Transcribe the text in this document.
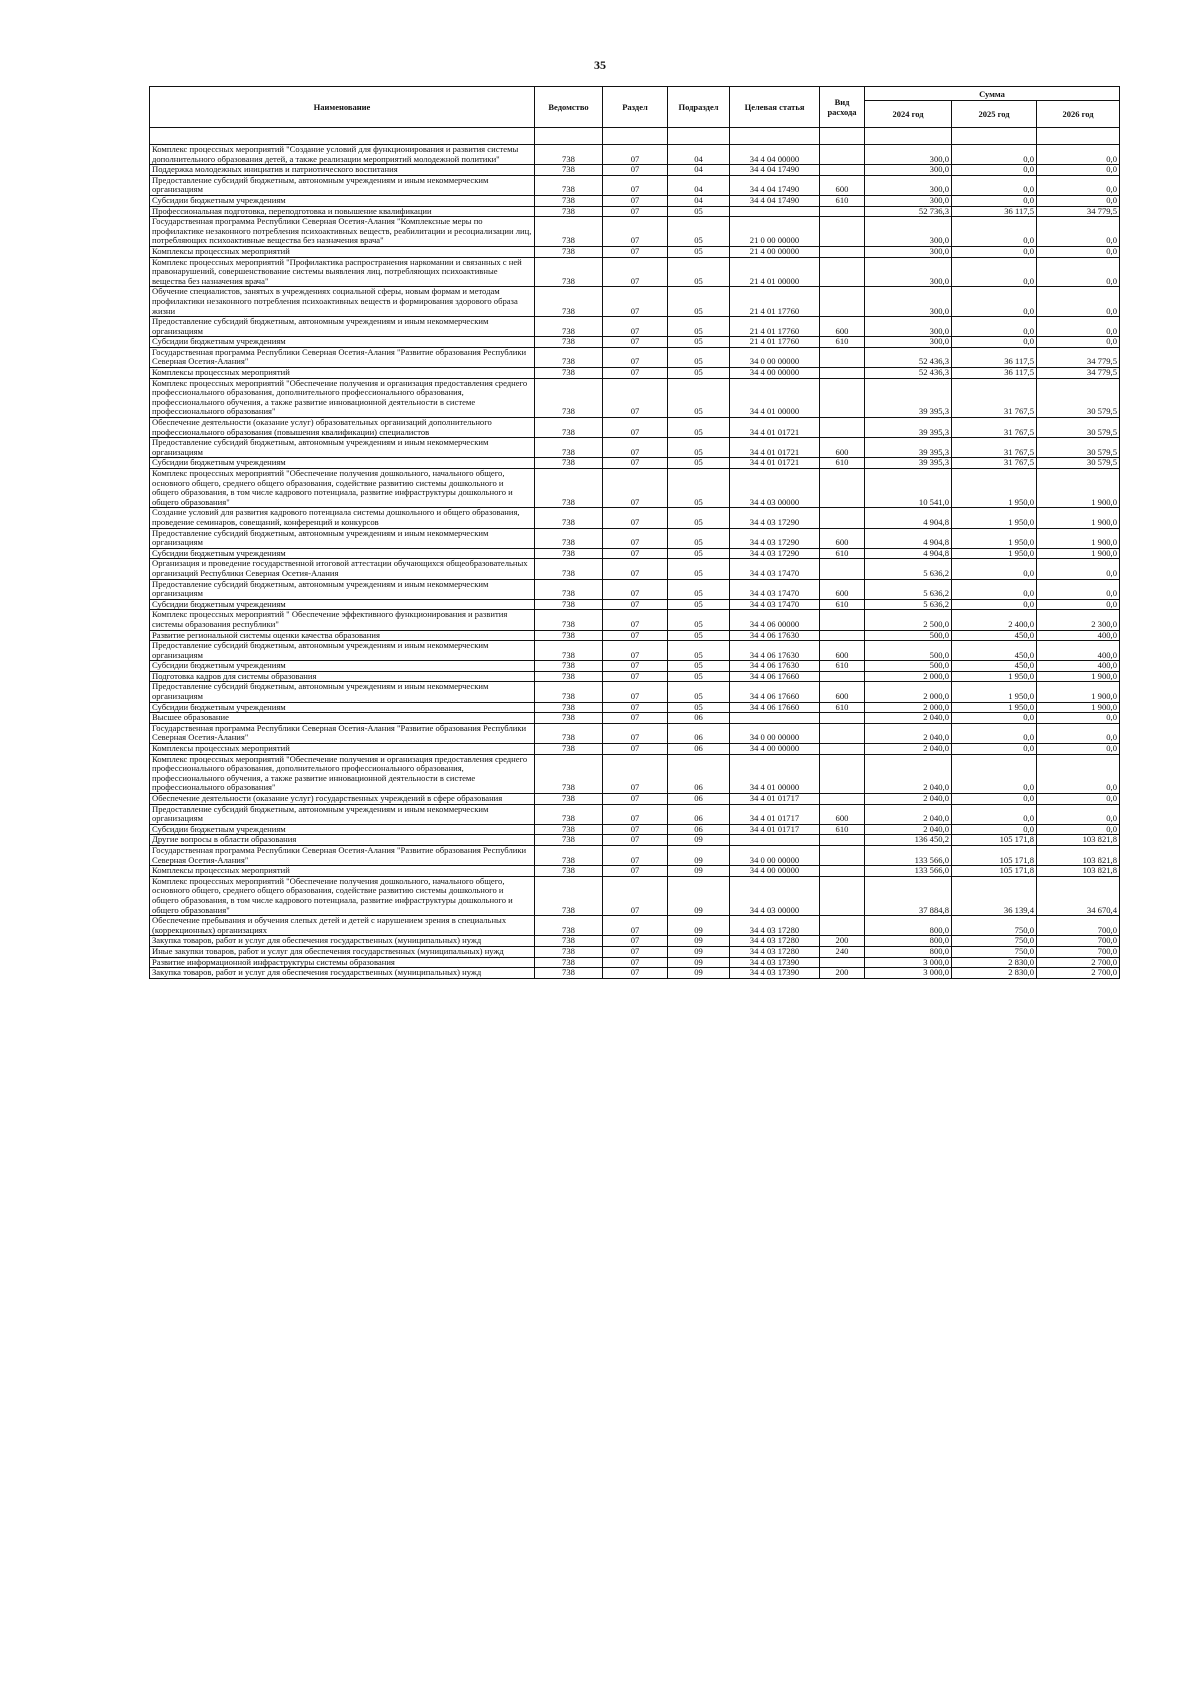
35
Наименование	Ведомство	Раздел	Подраздел	Целевая статья	Вид расхода	Сумма		
						2024 год	2025 год	2026 год

Комплекс процессных мероприятий "Создание условий для функционирования и развития системы дополнительного образования детей, а также реализации мероприятий молодежной политики"	738	07	04	34 4 04 00000		300,0	0,0	0,0
Поддержка молодежных инициатив и патриотического воспитания	738	07	04	34 4 04 17490		300,0	0,0	0,0
Предоставление субсидий бюджетным, автономным учреждениям и иным некоммерческим организациям	738	07	04	34 4 04 17490	600	300,0	0,0	0,0
Субсидии бюджетным учреждениям	738	07	04	34 4 04 17490	610	300,0	0,0	0,0
Профессиональная подготовка, переподготовка и повышение квалификации	738	07	05			52 736,3	36 117,5	34 779,5
Государственная программа Республики Северная Осетия-Алания "Комплексные меры по профилактике незаконного потребления психоактивных веществ, реабилитации и ресоциализации лиц, потребляющих психоактивные вещества без назначения врача"	738	07	05	21 0 00 00000		300,0	0,0	0,0
Комплексы процессных мероприятий	738	07	05	21 4 00 00000		300,0	0,0	0,0
Комплекс процессных мероприятий "Профилактика распространения наркомании и связанных с ней правонарушений, совершенствование системы выявления лиц, потребляющих психоактивные вещества без назначения врача"	738	07	05	21 4 01 00000		300,0	0,0	0,0
Обучение специалистов, занятых в учреждениях социальной сферы, новым формам и методам профилактики незаконного потребления психоактивных веществ и формирования здорового образа жизни	738	07	05	21 4 01 17760		300,0	0,0	0,0
Предоставление субсидий бюджетным, автономным учреждениям и иным некоммерческим организациям	738	07	05	21 4 01 17760	600	300,0	0,0	0,0
Субсидии бюджетным учреждениям	738	07	05	21 4 01 17760	610	300,0	0,0	0,0
Государственная программа Республики Северная Осетия-Алания "Развитие образования Республики Северная Осетия-Алания"	738	07	05	34 0 00 00000		52 436,3	36 117,5	34 779,5
Комплексы процессных мероприятий	738	07	05	34 4 00 00000		52 436,3	36 117,5	34 779,5
Комплекс процессных мероприятий "Обеспечение получения и организация предоставления среднего профессионального образования, дополнительного профессионального образования, профессионального обучения, а также развитие инновационной деятельности в системе профессионального образования"	738	07	05	34 4 01 00000		39 395,3	31 767,5	30 579,5
Обеспечение деятельности (оказание услуг) образовательных организаций дополнительного профессионального образования (повышения квалификации) специалистов	738	07	05	34 4 01 01721		39 395,3	31 767,5	30 579,5
Предоставление субсидий бюджетным, автономным учреждениям и иным некоммерческим организациям	738	07	05	34 4 01 01721	600	39 395,3	31 767,5	30 579,5
Субсидии бюджетным учреждениям	738	07	05	34 4 01 01721	610	39 395,3	31 767,5	30 579,5
Комплекс процессных мероприятий "Обеспечение получения дошкольного, начального общего, основного общего, среднего общего образования, содействие развитию системы дошкольного и общего образования, в том числе кадрового потенциала, развитие инфраструктуры дошкольного и общего образования"	738	07	05	34 4 03 00000		10 541,0	1 950,0	1 900,0
Создание условий для развития кадрового потенциала системы дошкольного и общего образования, проведение семинаров, совещаний, конференций и конкурсов	738	07	05	34 4 03 17290		4 904,8	1 950,0	1 900,0
Предоставление субсидий бюджетным, автономным учреждениям и иным некоммерческим организациям	738	07	05	34 4 03 17290	600	4 904,8	1 950,0	1 900,0
Субсидии бюджетным учреждениям	738	07	05	34 4 03 17290	610	4 904,8	1 950,0	1 900,0
Организация и проведение государственной итоговой аттестации обучающихся общеобразовательных организаций Республики Северная Осетия-Алания	738	07	05	34 4 03 17470		5 636,2	0,0	0,0
Предоставление субсидий бюджетным, автономным учреждениям и иным некоммерческим организациям	738	07	05	34 4 03 17470	600	5 636,2	0,0	0,0
Субсидии бюджетным учреждениям	738	07	05	34 4 03 17470	610	5 636,2	0,0	0,0
Комплекс процессных мероприятий " Обеспечение эффективного функционирования и развития системы образования республики"	738	07	05	34 4 06 00000		2 500,0	2 400,0	2 300,0
Развитие региональной системы оценки качества образования	738	07	05	34 4 06 17630		500,0	450,0	400,0
Предоставление субсидий бюджетным, автономным учреждениям и иным некоммерческим организациям	738	07	05	34 4 06 17630	600	500,0	450,0	400,0
Субсидии бюджетным учреждениям	738	07	05	34 4 06 17630	610	500,0	450,0	400,0
Подготовка кадров для системы образования	738	07	05	34 4 06 17660		2 000,0	1 950,0	1 900,0
Предоставление субсидий бюджетным, автономным учреждениям и иным некоммерческим организациям	738	07	05	34 4 06 17660	600	2 000,0	1 950,0	1 900,0
Субсидии бюджетным учреждениям	738	07	05	34 4 06 17660	610	2 000,0	1 950,0	1 900,0
Высшее образование	738	07	06			2 040,0	0,0	0,0
Государственная программа Республики Северная Осетия-Алания "Развитие образования Республики Северная Осетия-Алания"	738	07	06	34 0 00 00000		2 040,0	0,0	0,0
Комплексы процессных мероприятий	738	07	06	34 4 00 00000		2 040,0	0,0	0,0
Комплекс процессных мероприятий "Обеспечение получения и организация предоставления среднего профессионального образования, дополнительного профессионального образования, профессионального обучения, а также развитие инновационной деятельности в системе профессионального образования"	738	07	06	34 4 01 00000		2 040,0	0,0	0,0
Обеспечение деятельности (оказание услуг) государственных учреждений в сфере образования	738	07	06	34 4 01 01717		2 040,0	0,0	0,0
Предоставление субсидий бюджетным, автономным учреждениям и иным некоммерческим организациям	738	07	06	34 4 01 01717	600	2 040,0	0,0	0,0
Субсидии бюджетным учреждениям	738	07	06	34 4 01 01717	610	2 040,0	0,0	0,0
Другие вопросы в области образования	738	07	09			136 450,2	105 171,8	103 821,8
Государственная программа Республики Северная Осетия-Алания "Развитие образования Республики Северная Осетия-Алания"	738	07	09	34 0 00 00000		133 566,0	105 171,8	103 821,8
Комплексы процессных мероприятий	738	07	09	34 4 00 00000		133 566,0	105 171,8	103 821,8
Комплекс процессных мероприятий "Обеспечение получения дошкольного, начального общего, основного общего, среднего общего образования, содействие развитию системы дошкольного и общего образования, в том числе кадрового потенциала, развитие инфраструктуры дошкольного и общего образования"	738	07	09	34 4 03 00000		37 884,8	36 139,4	34 670,4
Обеспечение пребывания и обучения слепых детей и детей с нарушением зрения в специальных (коррекционных) организациях	738	07	09	34 4 03 17280		800,0	750,0	700,0
Закупка товаров, работ и услуг для обеспечения государственных (муниципальных) нужд	738	07	09	34 4 03 17280	200	800,0	750,0	700,0
Иные закупки товаров, работ и услуг для обеспечения государственных (муниципальных) нужд	738	07	09	34 4 03 17280	240	800,0	750,0	700,0
Развитие информационной инфраструктуры системы образования	738	07	09	34 4 03 17390		3 000,0	2 830,0	2 700,0
Закупка товаров, работ и услуг для обеспечения государственных (муниципальных) нужд	738	07	09	34 4 03 17390	200	3 000,0	2 830,0	2 700,0
